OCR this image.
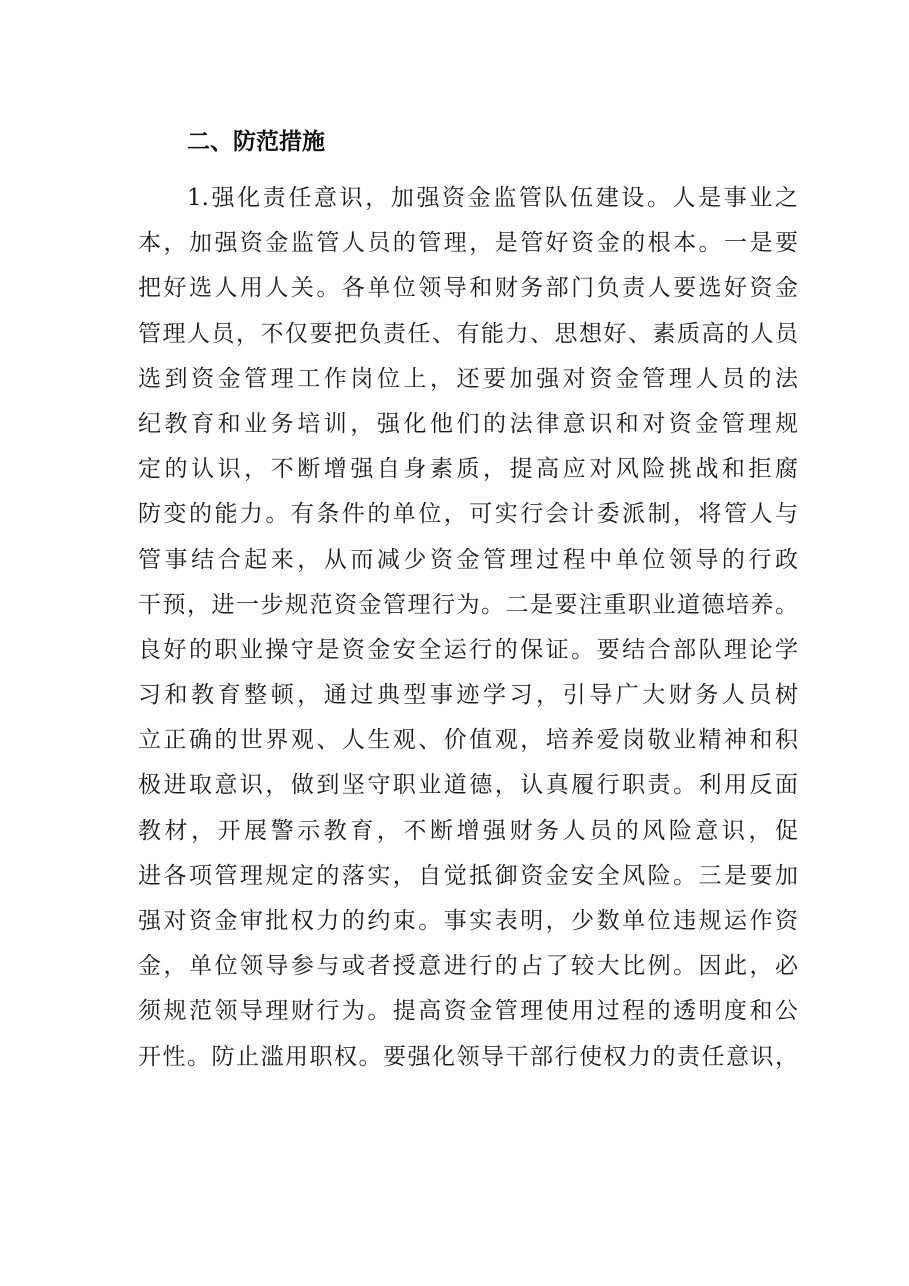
二、防范措施
1.强化责任意识，加强资金监管队伍建设。人是事业之
本，加强资金监管人员的管理，是管好资金的根本。一是要
把好选人用人关。各单位领导和财务部门负责人要选好资金
管理人员，不仅要把负责任、有能力、思想好、素质高的人员
选到资金管理工作岗位上，还要加强对资金管理人员的法
纪教育和业务培训，强化他们的法律意识和对资金管理规
定的认识，不断增强自身素质，提高应对风险挑战和拒腐
防变的能力。有条件的单位，可实行会计委派制，将管人与
管事结合起来，从而减少资金管理过程中单位领导的行政
干预，进一步规范资金管理行为。二是要注重职业道德培养。
良好的职业操守是资金安全运行的保证。要结合部队理论学
习和教育整顿，通过典型事迹学习，引导广大财务人员树
立正确的世界观、人生观、价值观，培养爱岗敬业精神和积
极进取意识，做到坚守职业道德，认真履行职责。利用反面
教材，开展警示教育，不断增强财务人员的风险意识，促
进各项管理规定的落实，自觉抵御资金安全风险。三是要加
强对资金审批权力的约束。事实表明，少数单位违规运作资
金，单位领导参与或者授意进行的占了较大比例。因此，必
须规范领导理财行为。提高资金管理使用过程的透明度和公
开性。防止滥用职权。要强化领导干部行使权力的责任意识，
